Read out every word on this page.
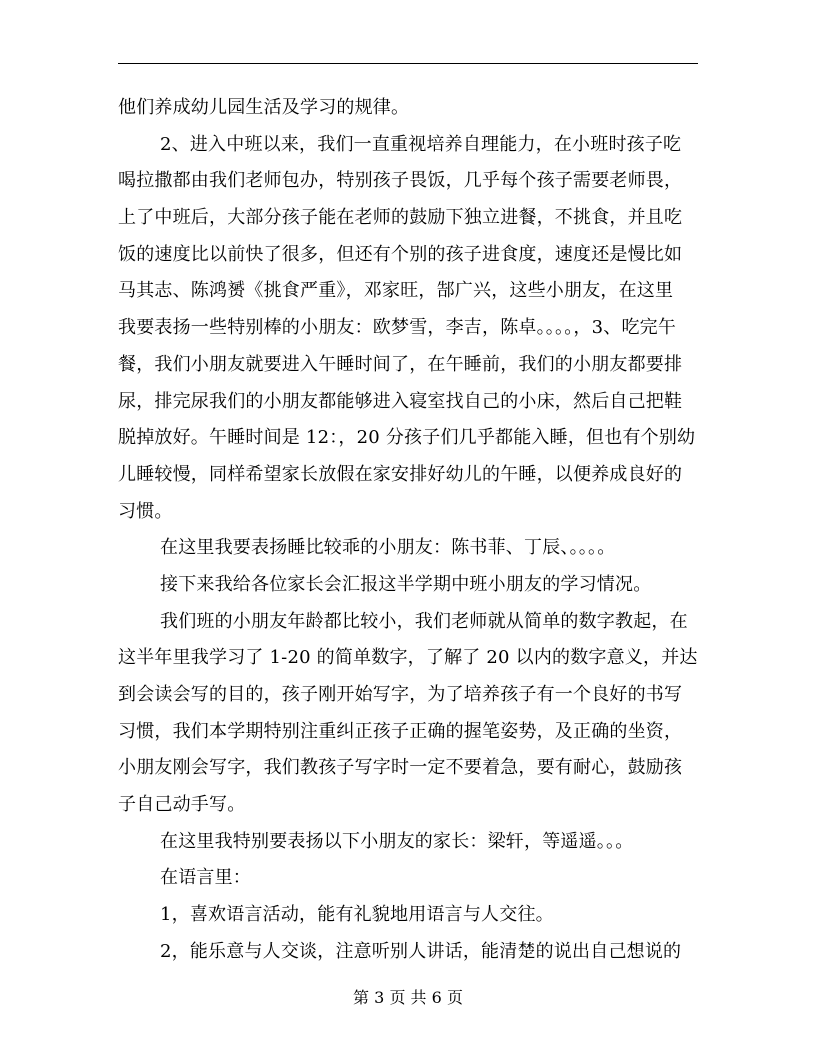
他们养成幼儿园生活及学习的规律。
2、进入中班以来，我们一直重视培养自理能力，在小班时孩子吃
喝拉撒都由我们老师包办，特别孩子畏饭，几乎每个孩子需要老师畏，
上了中班后，大部分孩子能在老师的鼓励下独立进餐，不挑食，并且吃
饭的速度比以前快了很多，但还有个别的孩子进食度，速度还是慢比如
马其志、陈鸿赟《挑食严重》，邓家旺，郜广兴，这些小朋友，在这里
我要表扬一些特别棒的小朋友：欧梦雪，李吉，陈卓。。。。，3、吃完午
餐，我们小朋友就要进入午睡时间了，在午睡前，我们的小朋友都要排
尿，排完尿我们的小朋友都能够进入寝室找自己的小床，然后自己把鞋
脱掉放好。午睡时间是 12：，20 分孩子们几乎都能入睡，但也有个别幼
儿睡较慢，同样希望家长放假在家安排好幼儿的午睡，以便养成良好的
习惯。
在这里我要表扬睡比较乖的小朋友：陈书菲、丁辰、。。。。
接下来我给各位家长会汇报这半学期中班小朋友的学习情况。
我们班的小朋友年龄都比较小，我们老师就从简单的数字教起，在
这半年里我学习了 1-20 的简单数字，了解了 20 以内的数字意义，并达
到会读会写的目的，孩子刚开始写字，为了培养孩子有一个良好的书写
习惯，我们本学期特别注重纠正孩子正确的握笔姿势，及正确的坐资，
小朋友刚会写字，我们教孩子写字时一定不要着急，要有耐心，鼓励孩
子自己动手写。
在这里我特别要表扬以下小朋友的家长：梁轩，等遥遥。。。
在语言里：
1，喜欢语言活动，能有礼貌地用语言与人交往。
2，能乐意与人交谈，注意听别人讲话，能清楚的说出自己想说的
第 3 页 共 6 页
